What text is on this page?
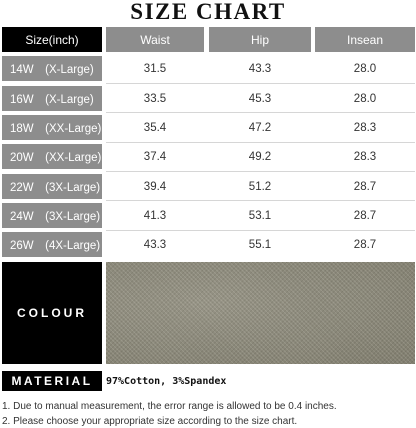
SIZE CHART
Size(inch)	Waist	Hip	Insean
14W　(X-Large)	31.5	43.3	28.0
16W　(X-Large)	33.5	45.3	28.0
18W　(XX-Large)	35.4	47.2	28.3
20W　(XX-Large)	37.4	49.2	28.3
22W　(3X-Large)	39.4	51.2	28.7
24W　(3X-Large)	41.3	53.1	28.7
26W　(4X-Large)	43.3	55.1	28.7
COLOUR
MATERIAL	97%Cotton, 3%Spandex
1. Due to manual measurement, the error range is allowed to be 0.4 inches.
2. Please choose your appropriate size according to the size chart.
